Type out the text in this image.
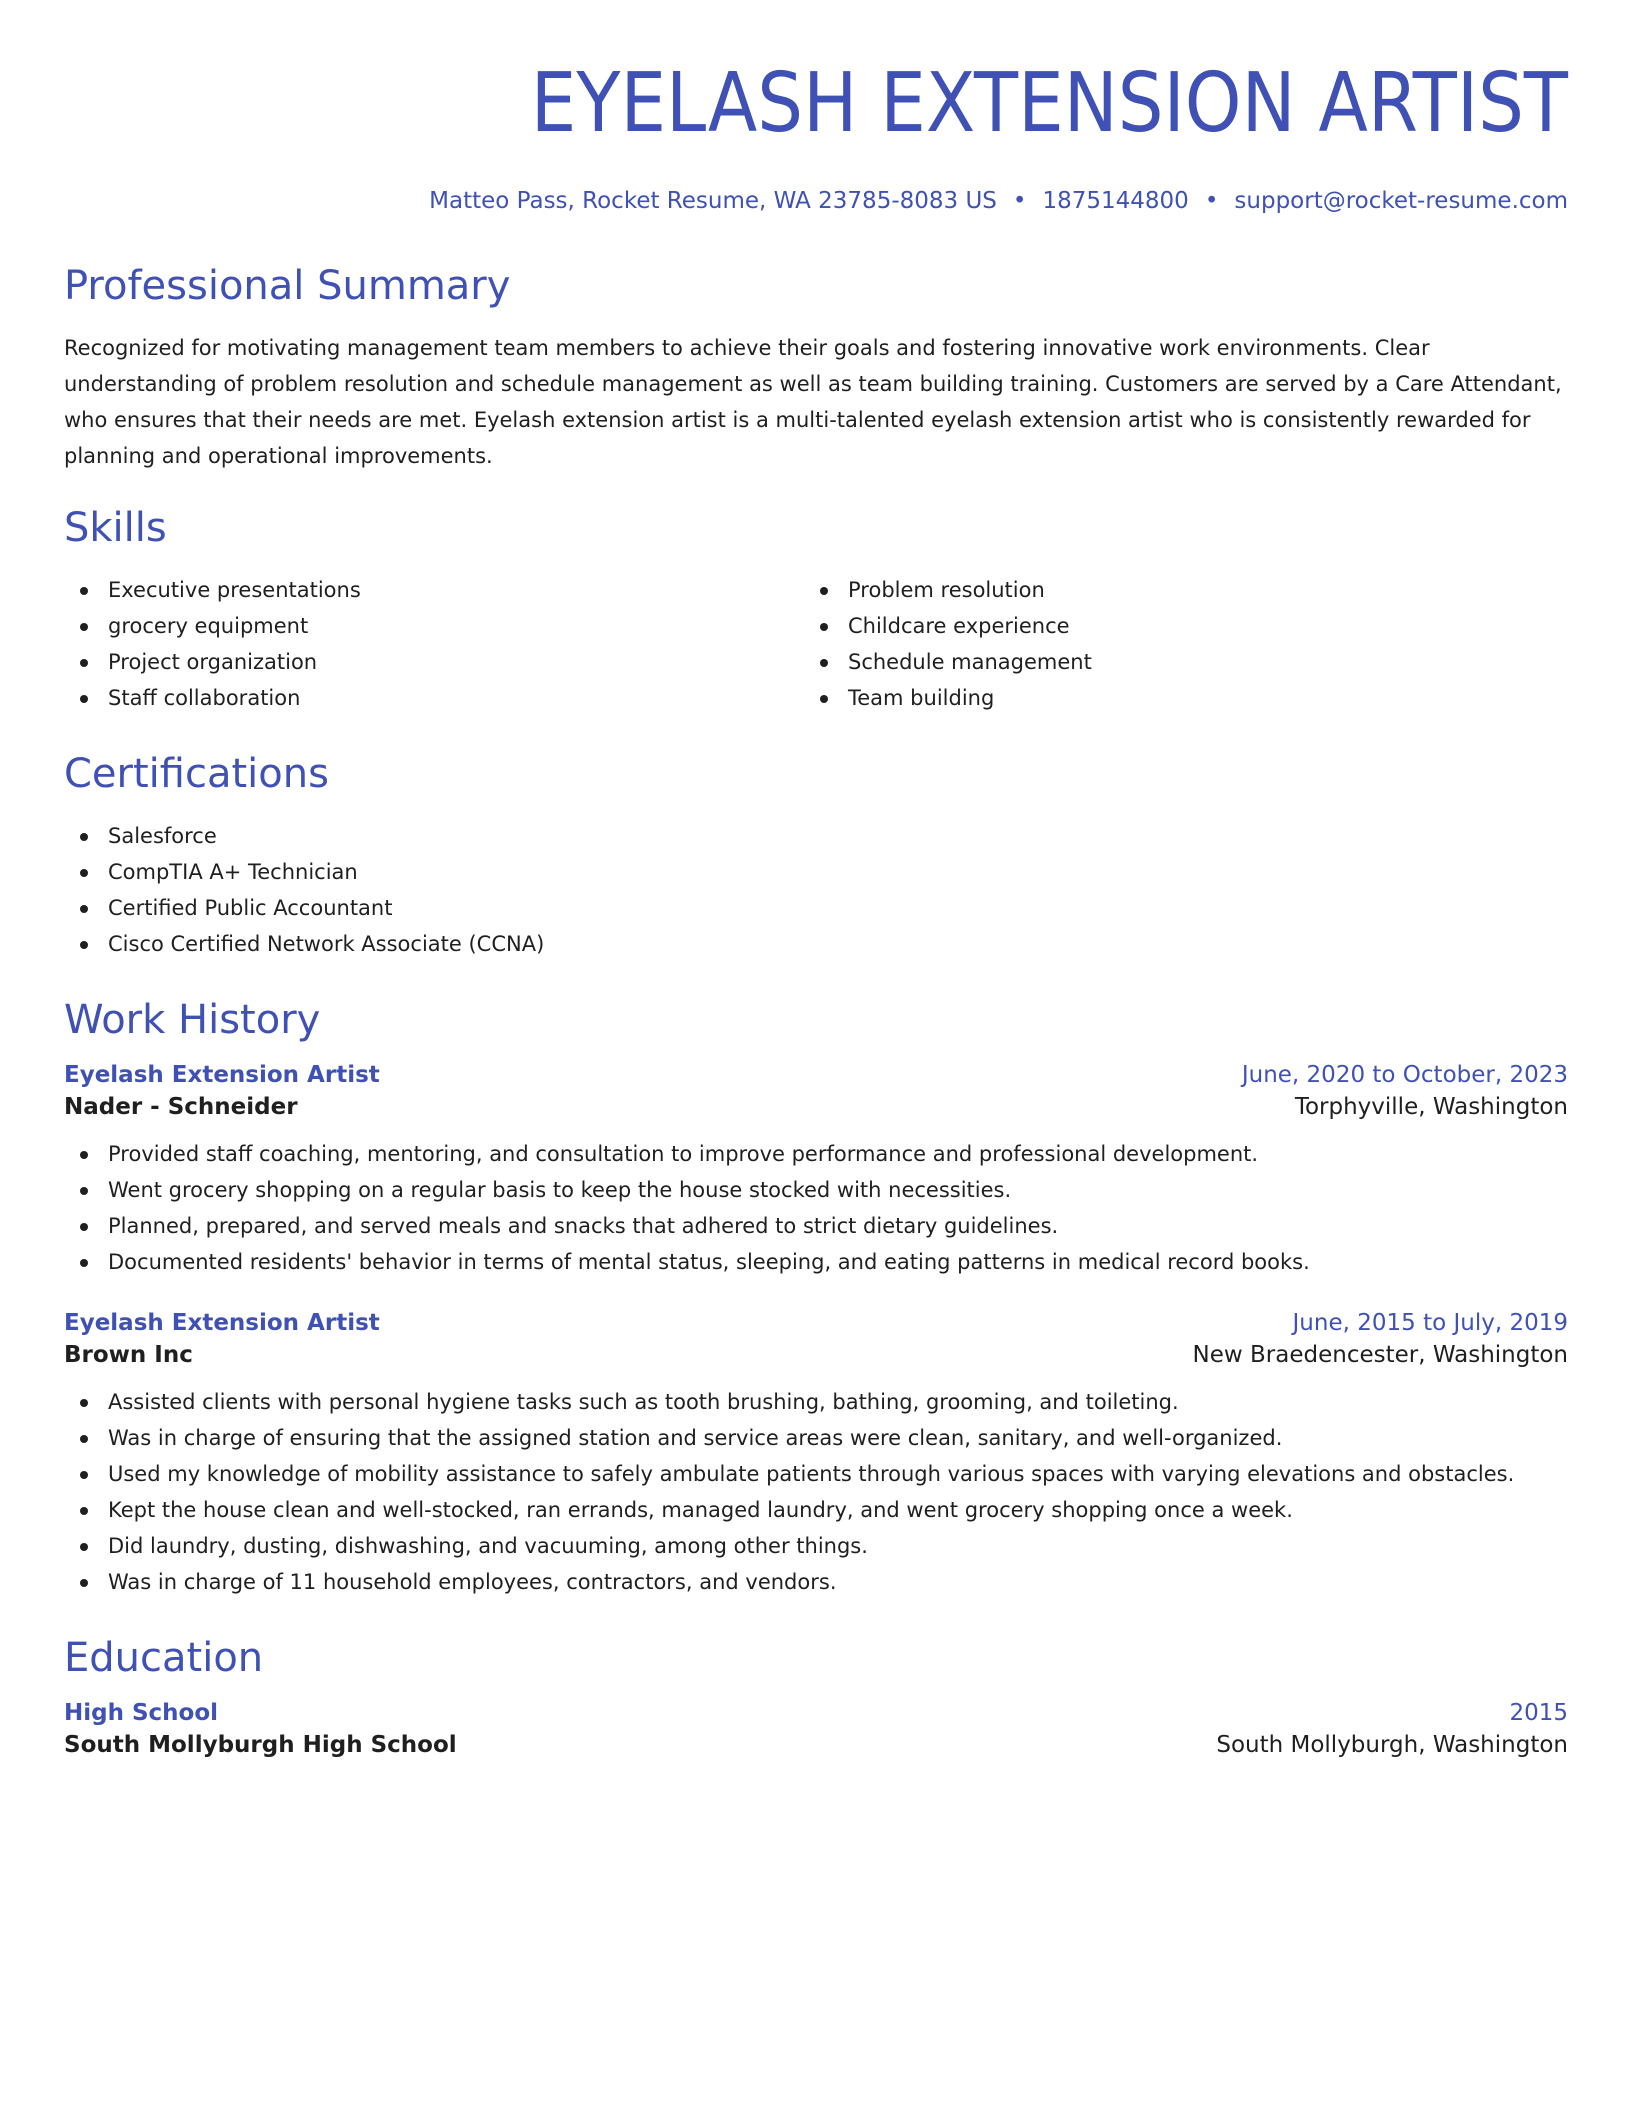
EYELASH EXTENSION ARTIST
Matteo Pass, Rocket Resume, WA 23785-8083 US • 1875144800 • support@rocket-resume.com
Professional Summary
Recognized for motivating management team members to achieve their goals and fostering innovative work environments. Clear understanding of problem resolution and schedule management as well as team building training. Customers are served by a Care Attendant, who ensures that their needs are met. Eyelash extension artist is a multi-talented eyelash extension artist who is consistently rewarded for planning and operational improvements.
Skills
Executive presentations
grocery equipment
Project organization
Staff collaboration
Problem resolution
Childcare experience
Schedule management
Team building
Certifications
Salesforce
CompTIA A+ Technician
Certified Public Accountant
Cisco Certified Network Associate (CCNA)
Work History
Eyelash Extension Artist	June, 2020 to October, 2023
Nader - Schneider	Torphyville, Washington
Provided staff coaching, mentoring, and consultation to improve performance and professional development.
Went grocery shopping on a regular basis to keep the house stocked with necessities.
Planned, prepared, and served meals and snacks that adhered to strict dietary guidelines.
Documented residents' behavior in terms of mental status, sleeping, and eating patterns in medical record books.
Eyelash Extension Artist	June, 2015 to July, 2019
Brown Inc	New Braedencester, Washington
Assisted clients with personal hygiene tasks such as tooth brushing, bathing, grooming, and toileting.
Was in charge of ensuring that the assigned station and service areas were clean, sanitary, and well-organized.
Used my knowledge of mobility assistance to safely ambulate patients through various spaces with varying elevations and obstacles.
Kept the house clean and well-stocked, ran errands, managed laundry, and went grocery shopping once a week.
Did laundry, dusting, dishwashing, and vacuuming, among other things.
Was in charge of 11 household employees, contractors, and vendors.
Education
High School	2015
South Mollyburgh High School	South Mollyburgh, Washington
